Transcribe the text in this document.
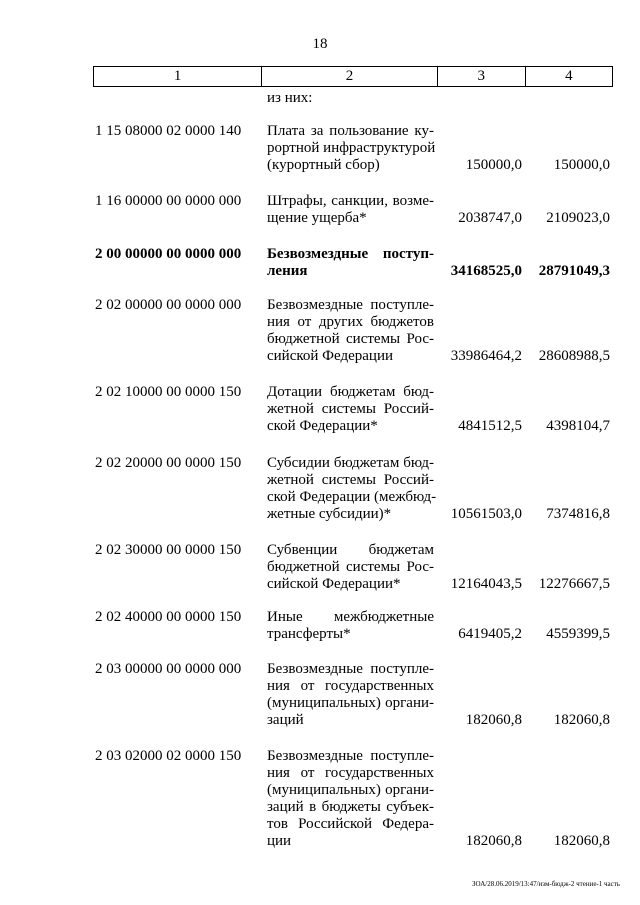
18
1	2	3	4
из них:
1 15 08000 02 0000 140 Плата за пользование ку-
рортной инфраструктурой
(курортный сбор)	150000,0 150000,0
1 16 00000 00 0000 000 Штрафы, санкции, возме-
щение ущерба*	2038747,0 2109023,0
2 00 00000 00 0000 000 Безвозмездные поступ-
ления	34168525,0 28791049,3
2 02 00000 00 0000 000 Безвозмездные поступле-
ния от других бюджетов
бюджетной системы Рос-
сийской Федерации	33986464,2 28608988,5
2 02 10000 00 0000 150 Дотации бюджетам бюд-
жетной системы Россий-
ской Федерации*	4841512,5 4398104,7
2 02 20000 00 0000 150 Субсидии бюджетам бюд-
жетной системы Россий-
ской Федерации (межбюд-
жетные субсидии)*	10561503,0 7374816,8
2 02 30000 00 0000 150 Субвенции бюджетам
бюджетной системы Рос-
сийской Федерации*	12164043,5 12276667,5
2 02 40000 00 0000 150 Иные межбюджетные
трансферты*	6419405,2 4559399,5
2 03 00000 00 0000 000 Безвозмездные поступле-
ния от государственных
(муниципальных) органи-
заций	182060,8 182060,8
2 03 02000 02 0000 150 Безвозмездные поступле-
ния от государственных
(муниципальных) органи-
заций в бюджеты субъек-
тов Российской Федера-
ции	182060,8 182060,8
ЗОА/28.06.2019/13:47/изм-бюдж-2 чтение-1 часть
